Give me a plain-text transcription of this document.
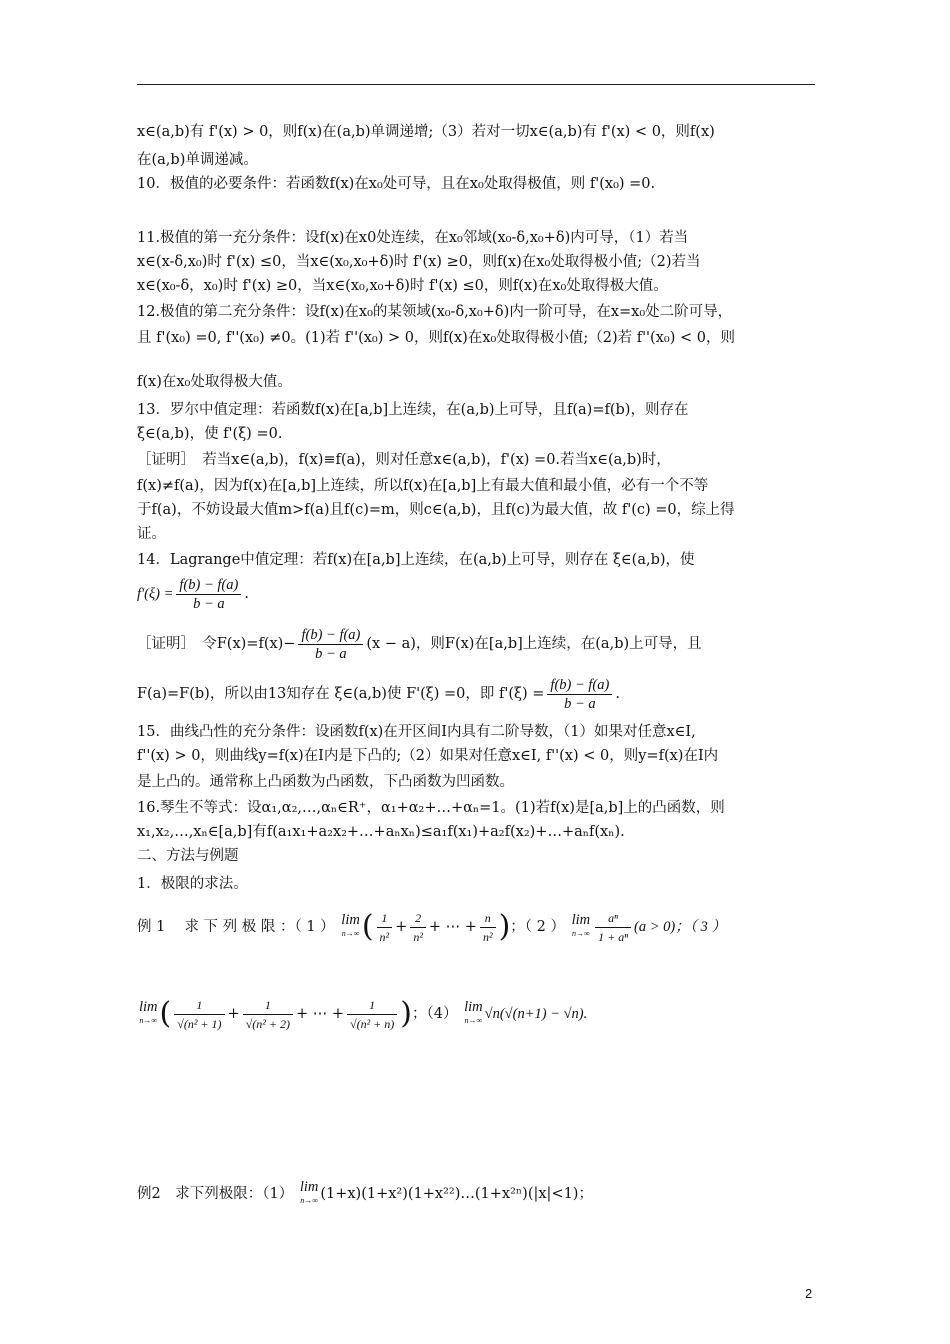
x∈(a,b)有 f'(x) > 0，则f(x)在(a,b)单调递增;（3）若对一切x∈(a,b)有 f'(x) < 0，则f(x)
在(a,b)单调递减。
10．极值的必要条件：若函数f(x)在x₀处可导，且在x₀处取得极值，则 f'(x₀) =0.
11.极值的第一充分条件：设f(x)在x0处连续，在x₀邻域(x₀-δ,x₀+δ)内可导，（1）若当
x∈(x-δ,x₀)时 f'(x) ≤0，当x∈(x₀,x₀+δ)时 f'(x) ≥0，则f(x)在x₀处取得极小值;（2)若当
x∈(x₀-δ，x₀)时 f'(x) ≥0，当x∈(x₀,x₀+δ)时 f'(x) ≤0，则f(x)在x₀处取得极大值。
12.极值的第二充分条件：设f(x)在x₀的某领域(x₀-δ,x₀+δ)内一阶可导，在x=x₀处二阶可导，
且 f'(x₀) =0, f''(x₀) ≠0。(1)若 f''(x₀) > 0，则f(x)在x₀处取得极小值;（2)若 f''(x₀) < 0，则
f(x)在x₀处取得极大值。
13．罗尔中值定理：若函数f(x)在[a,b]上连续，在(a,b)上可导，且f(a)=f(b)，则存在
ξ∈(a,b)，使 f'(ξ) =0.
［证明］　若当x∈(a,b)，f(x)≡f(a)，则对任意x∈(a,b)，f'(x) =0.若当x∈(a,b)时，
f(x)≠f(a)，因为f(x)在[a,b]上连续，所以f(x)在[a,b]上有最大值和最小值，必有一个不等
于f(a)，不妨设最大值m>f(a)且f(c)=m，则c∈(a,b)，且f(c)为最大值，故 f'(c) =0，综上得
证。
14．Lagrange中值定理：若f(x)在[a,b]上连续，在(a,b)上可导，则存在 ξ∈(a,b)，使
$f'(\xi) = \frac{f(b) - f(a)}{b - a}$ .
［证明］　令$F(x)=f(x)- \frac{f(b) - f(a)}{b - a} (x - a)$，则F(x)在[a,b]上连续，在(a,b)上可导，且
F(a)=F(b)，所以由13知存在 ξ∈(a,b)使 F'(ξ) =0，即 $f'(\xi) = \frac{f(b) - f(a)}{b - a}$ .
15．曲线凸性的充分条件：设函数f(x)在开区间I内具有二阶导数，（1）如果对任意x∈I,
f''(x) > 0，则曲线y=f(x)在I内是下凸的;（2）如果对任意x∈I, f''(x) < 0，则y=f(x)在I内
是上凸的。通常称上凸函数为凸函数，下凸函数为凹函数。
16.琴生不等式：设α₁,α₂,…,αₙ∈R⁺，α₁+α₂+…+αₙ=1。(1)若f(x)是[a,b]上的凸函数，则
x₁,x₂,…,xₙ∈[a,b]有f(a₁x₁+a₂x₂+…+aₙxₙ)≤a₁f(x₁)+a₂f(x₂)+…+aₙf(xₙ).
二、方法与例题
1．极限的求法。
例 1　 求 下 列 极 限 ：（ 1 ） lim
n→∞ ( $\frac{1}{\text{n²}} + \frac{2}{\text{n²}}$ + ⋯ + $\frac{n}{\text{n²}}$ )；（ 2 ） lim
$n\to\infty \frac{\text{aⁿ}}{\text{1 + aⁿ}} (a > 0)$；（ 3 ）
lim
n→∞ ( $\frac{1}{\text{√(n² + 1)}} + \frac{1}{\text{√(n² + 2)}}$ + ⋯ + $\frac{1}{\text{√(n² + n)}}$ )；（4） lim
n→∞ √n(√(n+1) − √n).
例2　求下列极限：（1） lim
n→∞ (1+x)(1+x²)(1+x²²)…(1+x²ⁿ)(|x|<1)；
2
